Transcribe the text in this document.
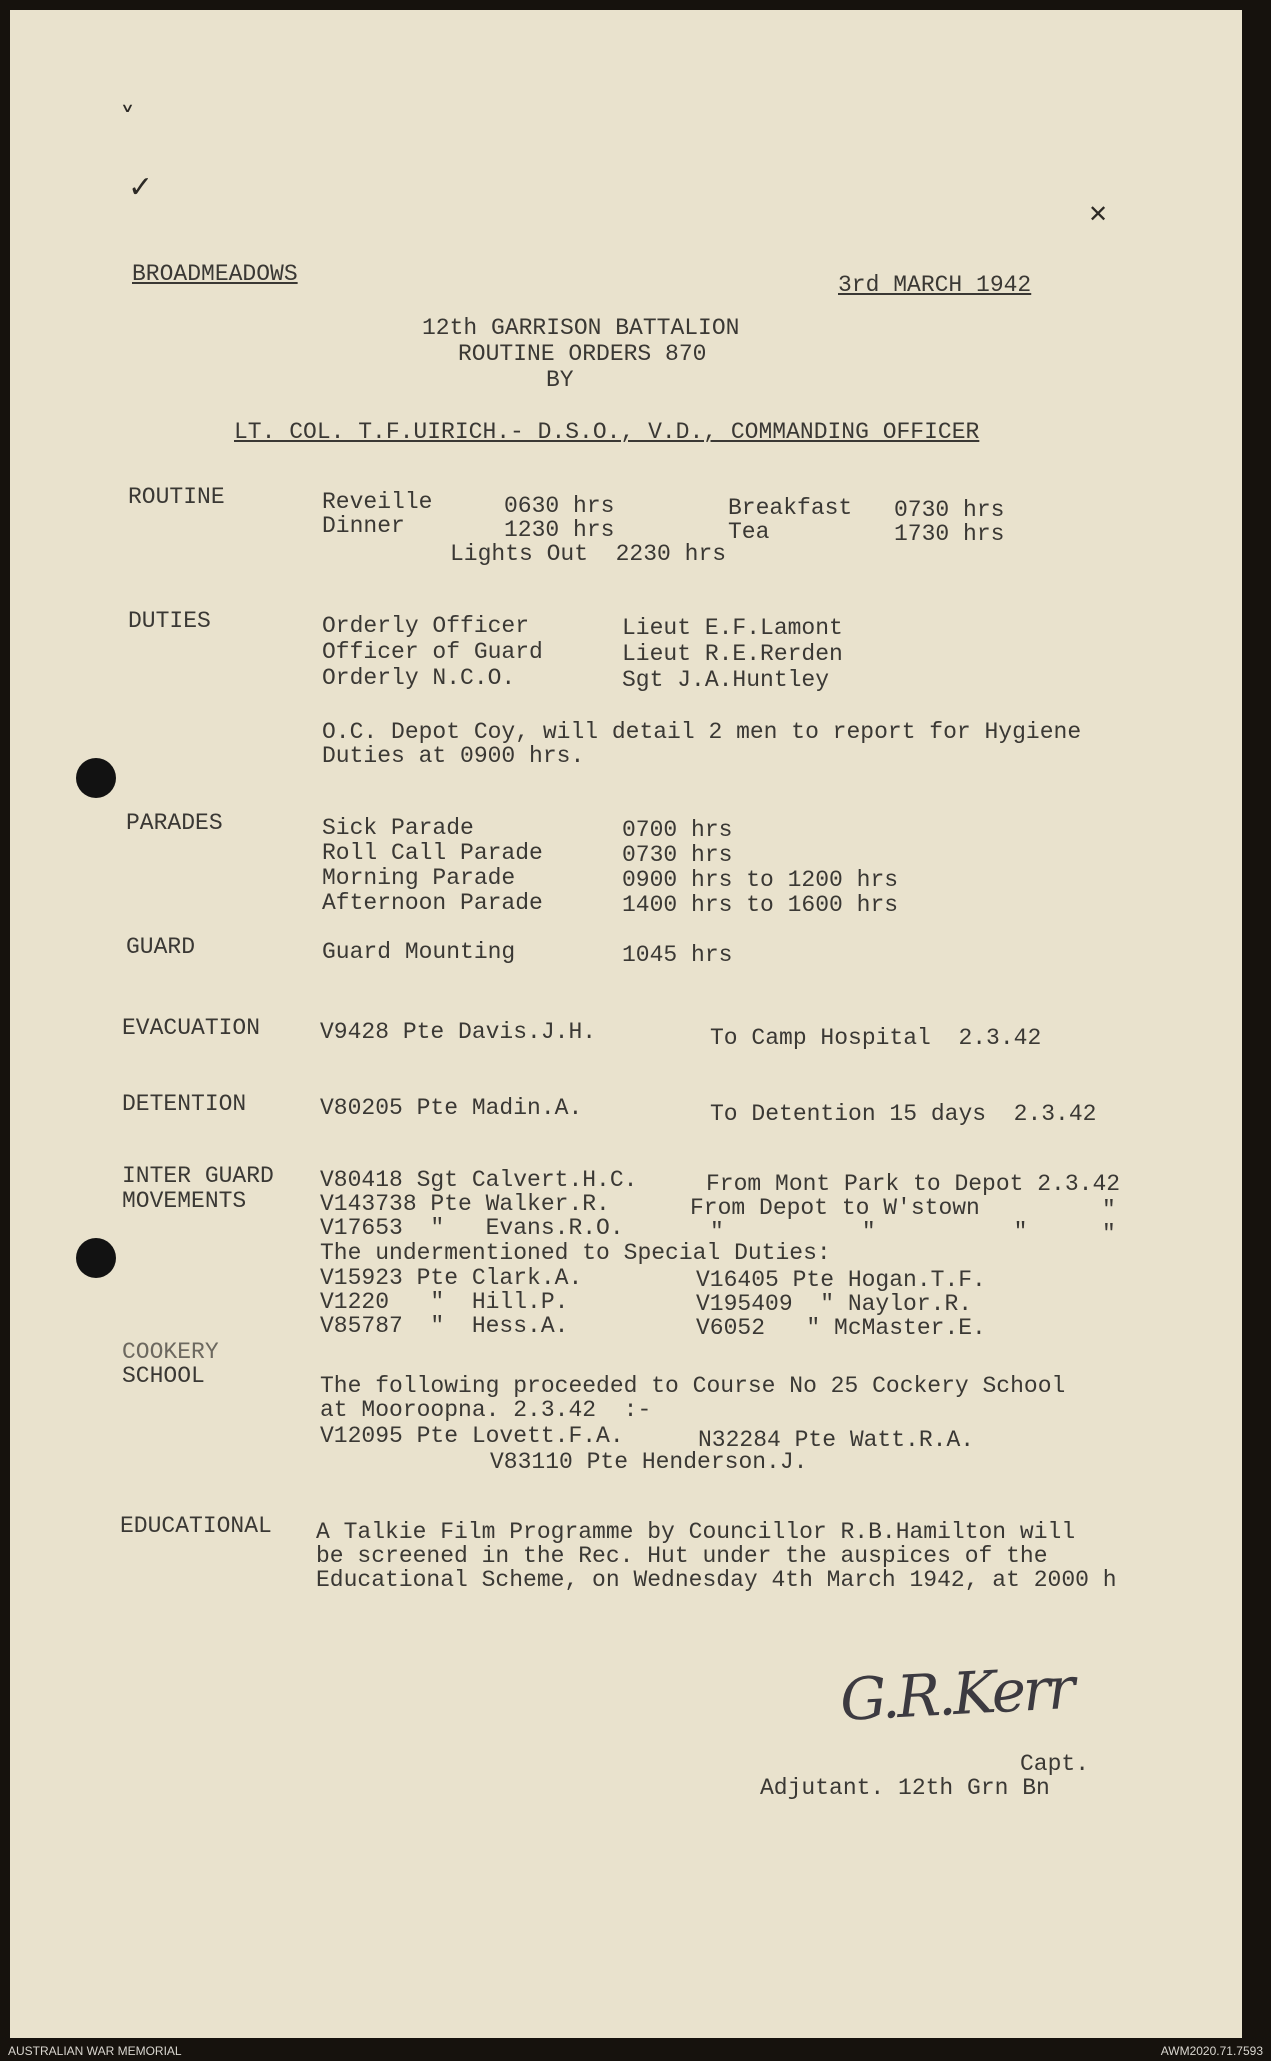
˅
✓
✕
BROADMEADOWS	3rd MARCH 1942
12th GARRISON BATTALION
ROUTINE ORDERS 870
BY
LT. COL. T.F.UIRICH.- D.S.O., V.D., COMMANDING OFFICER
ROUTINE	Reveille	0630 hrs	Breakfast 0730 hrs
Dinner	1230 hrs	Tea	1730 hrs
Lights Out  2230 hrs
DUTIES	Orderly Officer	Lieut E.F.Lamont
Officer of Guard	Lieut R.E.Rerden
Orderly N.C.O.	Sgt J.A.Huntley
O.C. Depot Coy, will detail 2 men to report for Hygiene
Duties at 0900 hrs.
PARADES	Sick Parade	0700 hrs
Roll Call Parade	0730 hrs
Morning Parade	0900 hrs to 1200 hrs
Afternoon Parade	1400 hrs to 1600 hrs
GUARD	Guard Mounting	1045 hrs
EVACUATION	V9428 Pte Davis.J.H.	To Camp Hospital  2.3.42
DETENTION	V80205 Pte Madin.A.	To Detention 15 days  2.3.42
INTER GUARD
MOVEMENTS
V80418 Sgt Calvert.H.C.	From Mont Park to Depot 2.3.42
V143738 Pte Walker.R.	From Depot to W'stown	"
V17653  "   Evans.R.O.	"          "          "	"
The undermentioned to Special Duties:
V15923 Pte Clark.A.	V16405 Pte Hogan.T.F.
V1220   "  Hill.P.	V195409  " Naylor.R.
V85787  "  Hess.A.	V6052   " McMaster.E.
COOKERY
SCHOOL	The following proceeded to Course No 25 Cockery School
at Mooroopna. 2.3.42  :-
V12095 Pte Lovett.F.A.	N32284 Pte Watt.R.A.
V83110 Pte Henderson.J.
EDUCATIONAL A Talkie Film Programme by Councillor R.B.Hamilton will
be screened in the Rec. Hut under the auspices of the
Educational Scheme, on Wednesday 4th March 1942, at 2000 h
G.R.Kerr
Capt.
Adjutant. 12th Grn Bn
AUSTRALIAN WAR MEMORIAL	AWM2020.71.7593
